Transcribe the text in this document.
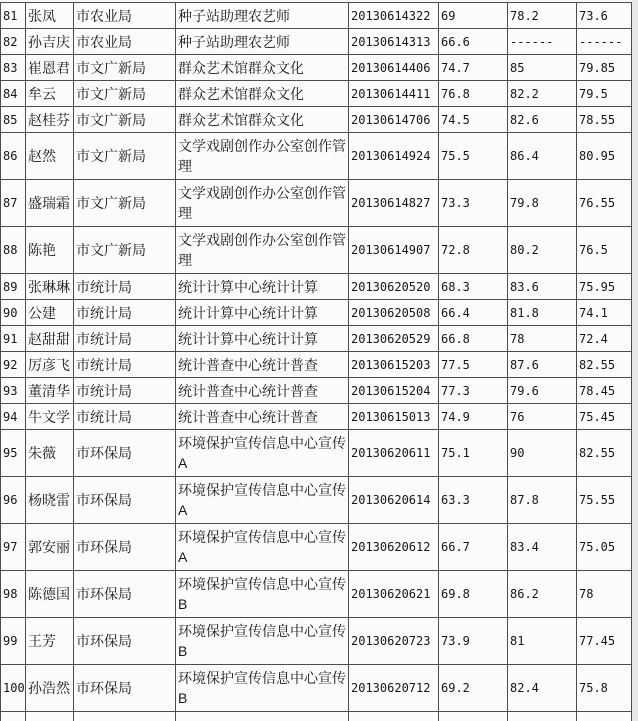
81	张凤	市农业局	种子站助理农艺师	20130614322	69	78.2	73.6
82	孙吉庆	市农业局	种子站助理农艺师	20130614313	66.6	------	------
83	崔恩君	市文广新局	群众艺术馆群众文化	20130614406	74.7	85	79.85
84	牟云	市文广新局	群众艺术馆群众文化	20130614411	76.8	82.2	79.5
85	赵桂芬	市文广新局	群众艺术馆群众文化	20130614706	74.5	82.6	78.55
86	赵然	市文广新局	文学戏剧创作办公室创作管理	20130614924	75.5	86.4	80.95
87	盛瑞霜	市文广新局	文学戏剧创作办公室创作管理	20130614827	73.3	79.8	76.55
88	陈艳	市文广新局	文学戏剧创作办公室创作管理	20130614907	72.8	80.2	76.5
89	张琳琳	市统计局	统计计算中心统计计算	20130620520	68.3	83.6	75.95
90	公建	市统计局	统计计算中心统计计算	20130620508	66.4	81.8	74.1
91	赵甜甜	市统计局	统计计算中心统计计算	20130620529	66.8	78	72.4
92	厉彦飞	市统计局	统计普查中心统计普查	20130615203	77.5	87.6	82.55
93	董清华	市统计局	统计普查中心统计普查	20130615204	77.3	79.6	78.45
94	牛文学	市统计局	统计普查中心统计普查	20130615013	74.9	76	75.45
95	朱薇	市环保局	环境保护宣传信息中心宣传A	20130620611	75.1	90	82.55
96	杨晓雷	市环保局	环境保护宣传信息中心宣传A	20130620614	63.3	87.8	75.55
97	郭安丽	市环保局	环境保护宣传信息中心宣传A	20130620612	66.7	83.4	75.05
98	陈德国	市环保局	环境保护宣传信息中心宣传B	20130620621	69.8	86.2	78
99	王芳	市环保局	环境保护宣传信息中心宣传B	20130620723	73.9	81	77.45
100	孙浩然	市环保局	环境保护宣传信息中心宣传B	20130620712	69.2	82.4	75.8
